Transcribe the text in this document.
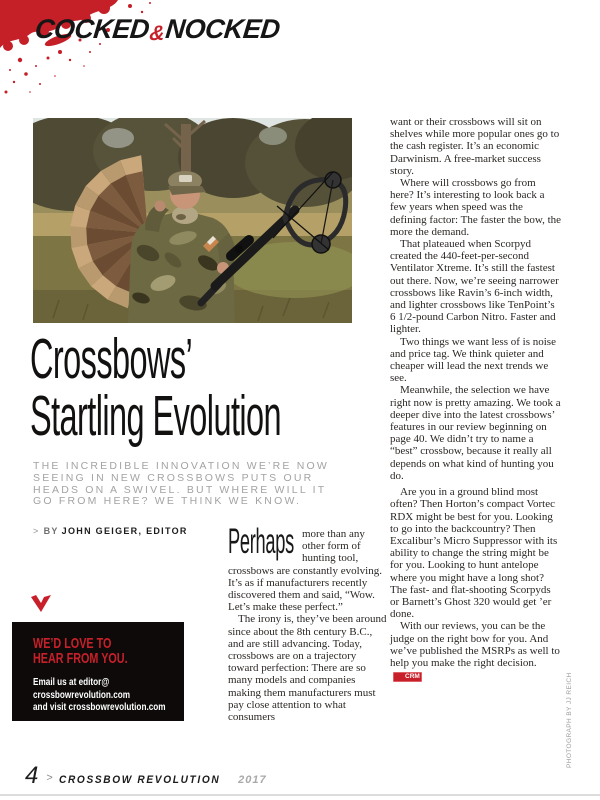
COCKED&NOCKED
Crossbows’
Startling Evolution

THE INCREDIBLE INNOVATION WE’RE NOW SEEING IN NEW CROSSBOWS PUTS OUR HEADS ON A SWIVEL. BUT WHERE WILL IT GO FROM HERE? WE THINK WE KNOW.

> BY JOHN GEIGER, EDITOR Perhaps more than any other form of hunting tool, crossbows are constantly evolving. It’s as if manufacturers recently discovered them and said, “Wow. Let’s make these perfect.”

The irony is, they’ve been around since about the 8th century B.C., and are still advancing. Today, crossbows are on a trajectory toward perfection: There are so many models and companies making them manufacturers must pay close attention to what consumers

want or their crossbows will sit on shelves while more popular ones go to the cash register. It’s an economic Darwinism. A free-market success story.

Where will crossbows go from here? It’s interesting to look back a few years when speed was the defining factor: The faster the bow, the more the demand.

That plateaued when Scorpyd created the 440-feet-per-second Ventilator Xtreme. It’s still the fastest out there. Now, we’re seeing narrower crossbows like Ravin’s 6-inch width, and lighter crossbows like TenPoint’s 6 1/2-pound Carbon Nitro. Faster and lighter.

Two things we want less of is noise and price tag. We think quieter and cheaper will lead the next trends we see.

Meanwhile, the selection we have right now is pretty amazing. We took a deeper dive into the latest crossbows’ features in our review beginning on page 40. We didn’t try to name a “best” crossbow, because it really all depends on what kind of hunting you do.

Are you in a ground blind most often? Then Horton’s compact Vortec RDX might be best for you. Looking to go into the backcountry? Then Excalibur’s Micro Suppressor with its ability to change the string might be for you. Looking to hunt antelope where you might have a long shot? The fast- and flat-shooting Scorpyds or Barnett’s Ghost 320 would get ’er done.

With our reviews, you can be the judge on the right bow for you. And we’ve published the MSRPs as well to help you make the right decision.CRM

WE’D LOVE TO
HEAR FROM YOU.
Email us at editor@
crossbowrevolution.com
and visit crossbowrevolution.com
4 > CROSSBOW REVOLUTION 2017
PHOTOGRAPH BY JJ REICH
